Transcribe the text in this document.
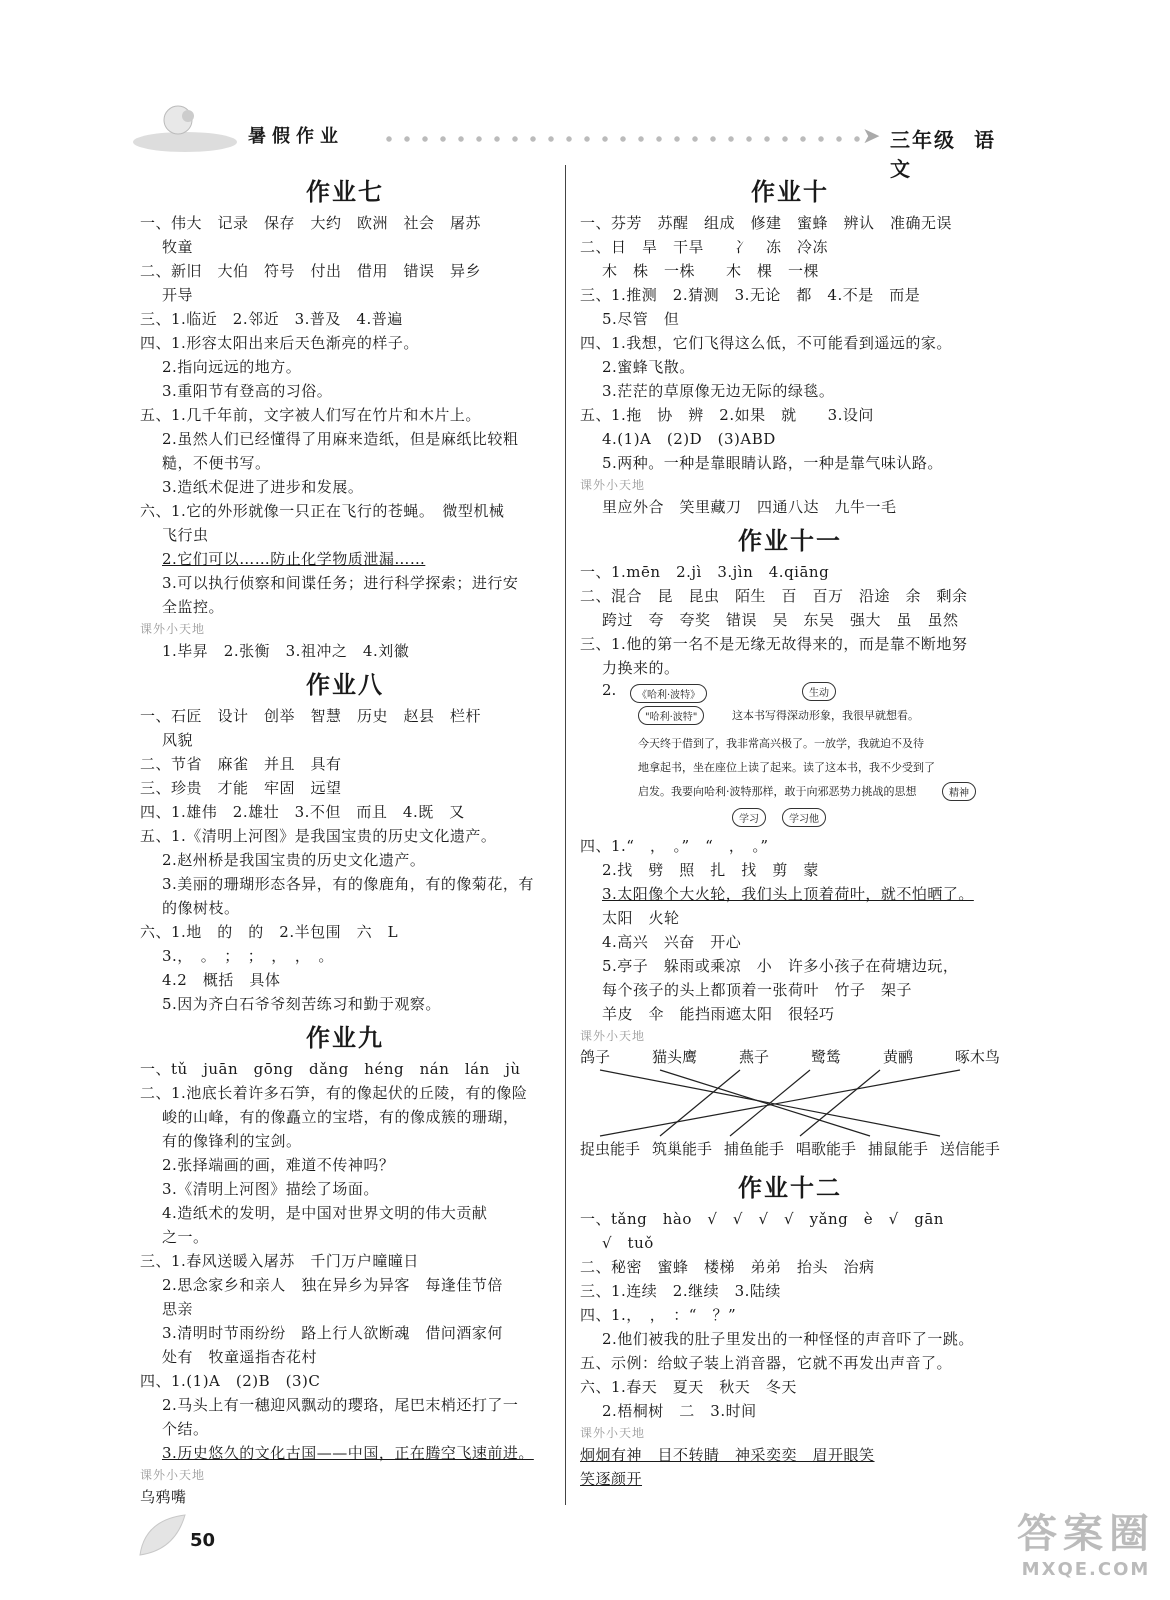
暑假作业	➤ 三年级 语文
作业七
一、伟大　记录　保存　大约　欧洲　社会　屠苏
牧童
二、新旧　大伯　符号　付出　借用　错误　异乡
开导
三、1.临近　2.邻近　3.普及　4.普遍
四、1.形容太阳出来后天色渐亮的样子。
2.指向远远的地方。
3.重阳节有登高的习俗。
五、1.几千年前，文字被人们写在竹片和木片上。
2.虽然人们已经懂得了用麻来造纸，但是麻纸比较粗
糙，不便书写。
3.造纸术促进了进步和发展。
六、1.它的外形就像一只正在飞行的苍蝇。　微型机械
飞行虫
2.它们可以……防止化学物质泄漏……
3.可以执行侦察和间谍任务；进行科学探索；进行安
全监控。
课外小天地
1.毕昇　2.张衡　3.祖冲之　4.刘徽
作业八
一、石匠　设计　创举　智慧　历史　赵县　栏杆
风貌
二、节省　麻雀　并且　具有
三、珍贵　才能　牢固　远望
四、1.雄伟　2.雄壮　3.不但　而且　4.既　又
五、1.《清明上河图》是我国宝贵的历史文化遗产。
2.赵州桥是我国宝贵的历史文化遗产。
3.美丽的珊瑚形态各异，有的像鹿角，有的像菊花，有
的像树枝。
六、1.地　的　的　2.半包围　六　L
3.，　。　；　；　，　，　。
4.2　概括　具体
5.因为齐白石爷爷刻苦练习和勤于观察。
作业九
一、tǔ　juān　gōng　dǎng　héng　nán　lán　jù
二、1.池底长着许多石笋，有的像起伏的丘陵，有的像险
峻的山峰，有的像矗立的宝塔，有的像成簇的珊瑚，
有的像锋利的宝剑。
2.张择端画的画，难道不传神吗？
3.《清明上河图》描绘了场面。
4.造纸术的发明，是中国对世界文明的伟大贡献
之一。
三、1.春风送暖入屠苏　千门万户曈曈日
2.思念家乡和亲人　独在异乡为异客　每逢佳节倍
思亲
3.清明时节雨纷纷　路上行人欲断魂　借问酒家何
处有　牧童遥指杏花村
四、1.(1)A　(2)B　(3)C
2.马头上有一穗迎风飘动的璎珞，尾巴末梢还打了一
个结。
3.历史悠久的文化古国——中国，正在腾空飞速前进。
课外小天地
乌鸦嘴
作业十
一、芬芳　苏醒　组成　修建　蜜蜂　辨认　准确无误
二、日　旱　干旱　　冫　冻　冷冻
木　株　一株　　木　棵　一棵
三、1.推测　2.猜测　3.无论　都　4.不是　而是
5.尽管　但
四、1.我想，它们飞得这么低，不可能看到遥远的家。
2.蜜蜂飞散。
3.茫茫的草原像无边无际的绿毯。
五、1.拖　协　辨　2.如果　就　　3.设问
4.(1)A　(2)D　(3)ABD
5.两种。一种是靠眼睛认路，一种是靠气味认路。
课外小天地
里应外合　笑里藏刀　四通八达　九牛一毛
作业十一
一、1.mēn　2.jì　3.jìn　4.qiāng
二、混合　昆　昆虫　陌生　百　百万　沿途　余　剩余
跨过　夸　夸奖　错误　吴　东吴　强大　虽　虽然
三、1.他的第一名不是无缘无故得来的，而是靠不断地努
力换来的。
2.	《哈利·波特》	生动
"哈利·波特"	这本书写得深动形象，我很早就想看。
今天终于借到了，我非常高兴极了。一放学，我就迫不及待
地拿起书，坐在座位上读了起来。读了这本书，我不少受到了
启发。我要向哈利·波特那样，敢于向邪恶势力挑战的思想	精神
学习	学习他
四、1.“　，　。”　“　，　。”
2.找　劈　照　扎　找　剪　蒙
3.太阳像个大火轮，我们头上顶着荷叶，就不怕晒了。
太阳　火轮
4.高兴　兴奋　开心
5.亭子　躲雨或乘凉　小　许多小孩子在荷塘边玩，
每个孩子的头上都顶着一张荷叶　竹子　架子
羊皮　伞　能挡雨遮太阳　很轻巧
课外小天地
鸽子	猫头鹰	燕子	鹭鸶	黄鹂	啄木鸟
捉虫能手 筑巢能手 捕鱼能手 唱歌能手 捕鼠能手 送信能手
作业十二
一、tǎng　hào　√　√　√　√　yǎng　è　√　gān
√　tuǒ
二、秘密　蜜蜂　楼梯　弟弟　抬头　治病
三、1.连续　2.继续　3.陆续
四、1.，　，　：“　？”
2.他们被我的肚子里发出的一种怪怪的声音吓了一跳。
五、示例：给蚊子装上消音器，它就不再发出声音了。
六、1.春天　夏天　秋天　冬天
2.梧桐树　二　3.时间
课外小天地
炯炯有神　目不转睛　神采奕奕　眉开眼笑
笑逐颜开
50	答案圈
MXQE.COM
